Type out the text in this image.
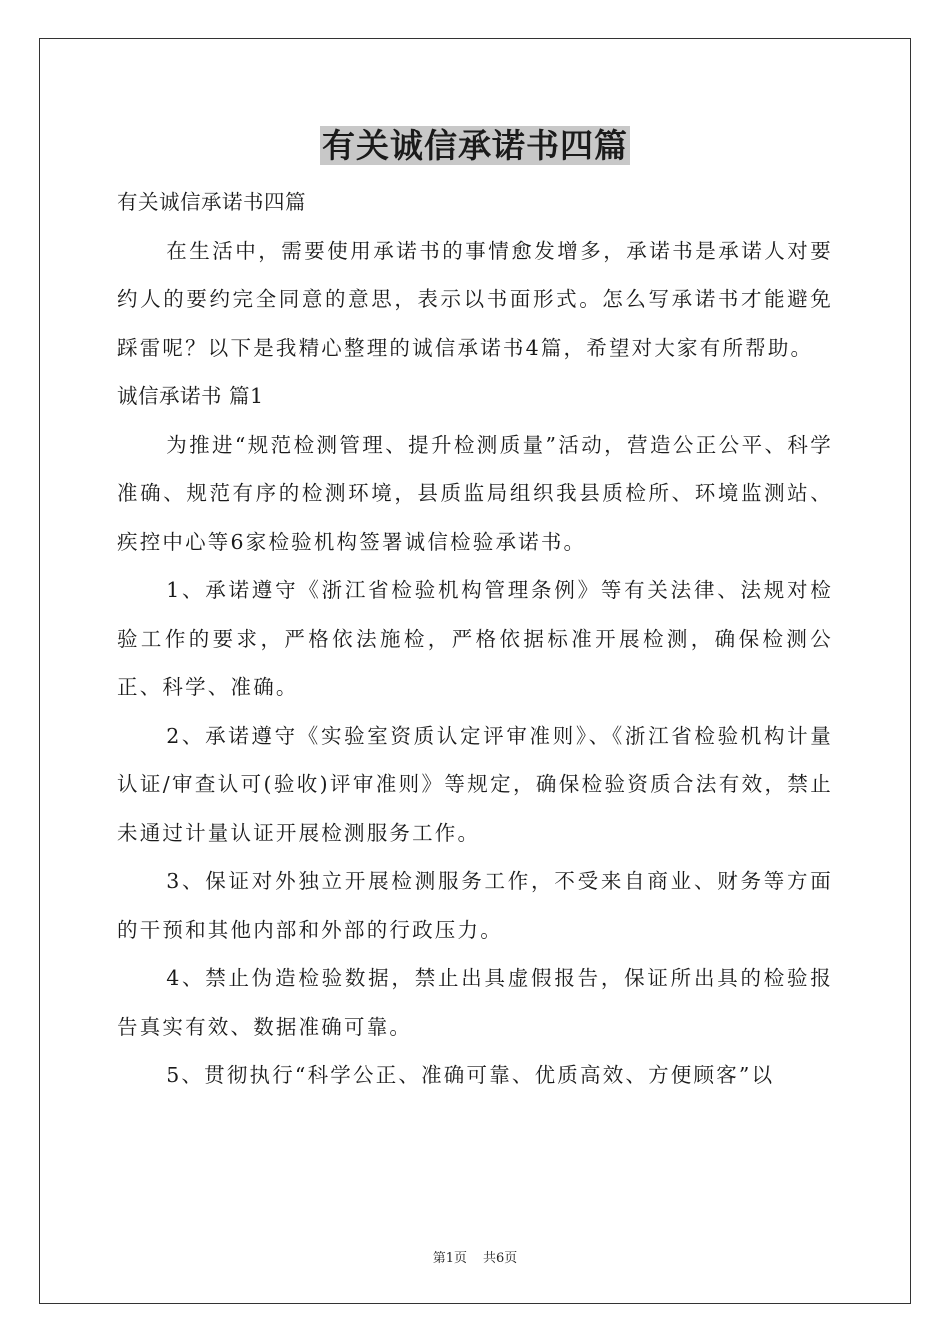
有关诚信承诺书四篇

有关诚信承诺书四篇

在生活中，需要使用承诺书的事情愈发增多，承诺书是承诺人对要约人的要约完全同意的意思，表示以书面形式。怎么写承诺书才能避免踩雷呢？以下是我精心整理的诚信承诺书4篇，希望对大家有所帮助。

诚信承诺书 篇1

为推进“规范检测管理、提升检测质量”活动，营造公正公平、科学准确、规范有序的检测环境，县质监局组织我县质检所、环境监测站、疾控中心等6家检验机构签署诚信检验承诺书。

1、承诺遵守《浙江省检验机构管理条例》等有关法律、法规对检验工作的要求，严格依法施检，严格依据标准开展检测，确保检测公正、科学、准确。

2、承诺遵守《实验室资质认定评审准则》、《浙江省检验机构计量认证/审查认可(验收)评审准则》等规定，确保检验资质合法有效，禁止未通过计量认证开展检测服务工作。

3、保证对外独立开展检测服务工作，不受来自商业、财务等方面的干预和其他内部和外部的行政压力。

4、禁止伪造检验数据，禁止出具虚假报告，保证所出具的检验报告真实有效、数据准确可靠。

5、贯彻执行“科学公正、准确可靠、优质高效、方便顾客”以

第1页 共6页
